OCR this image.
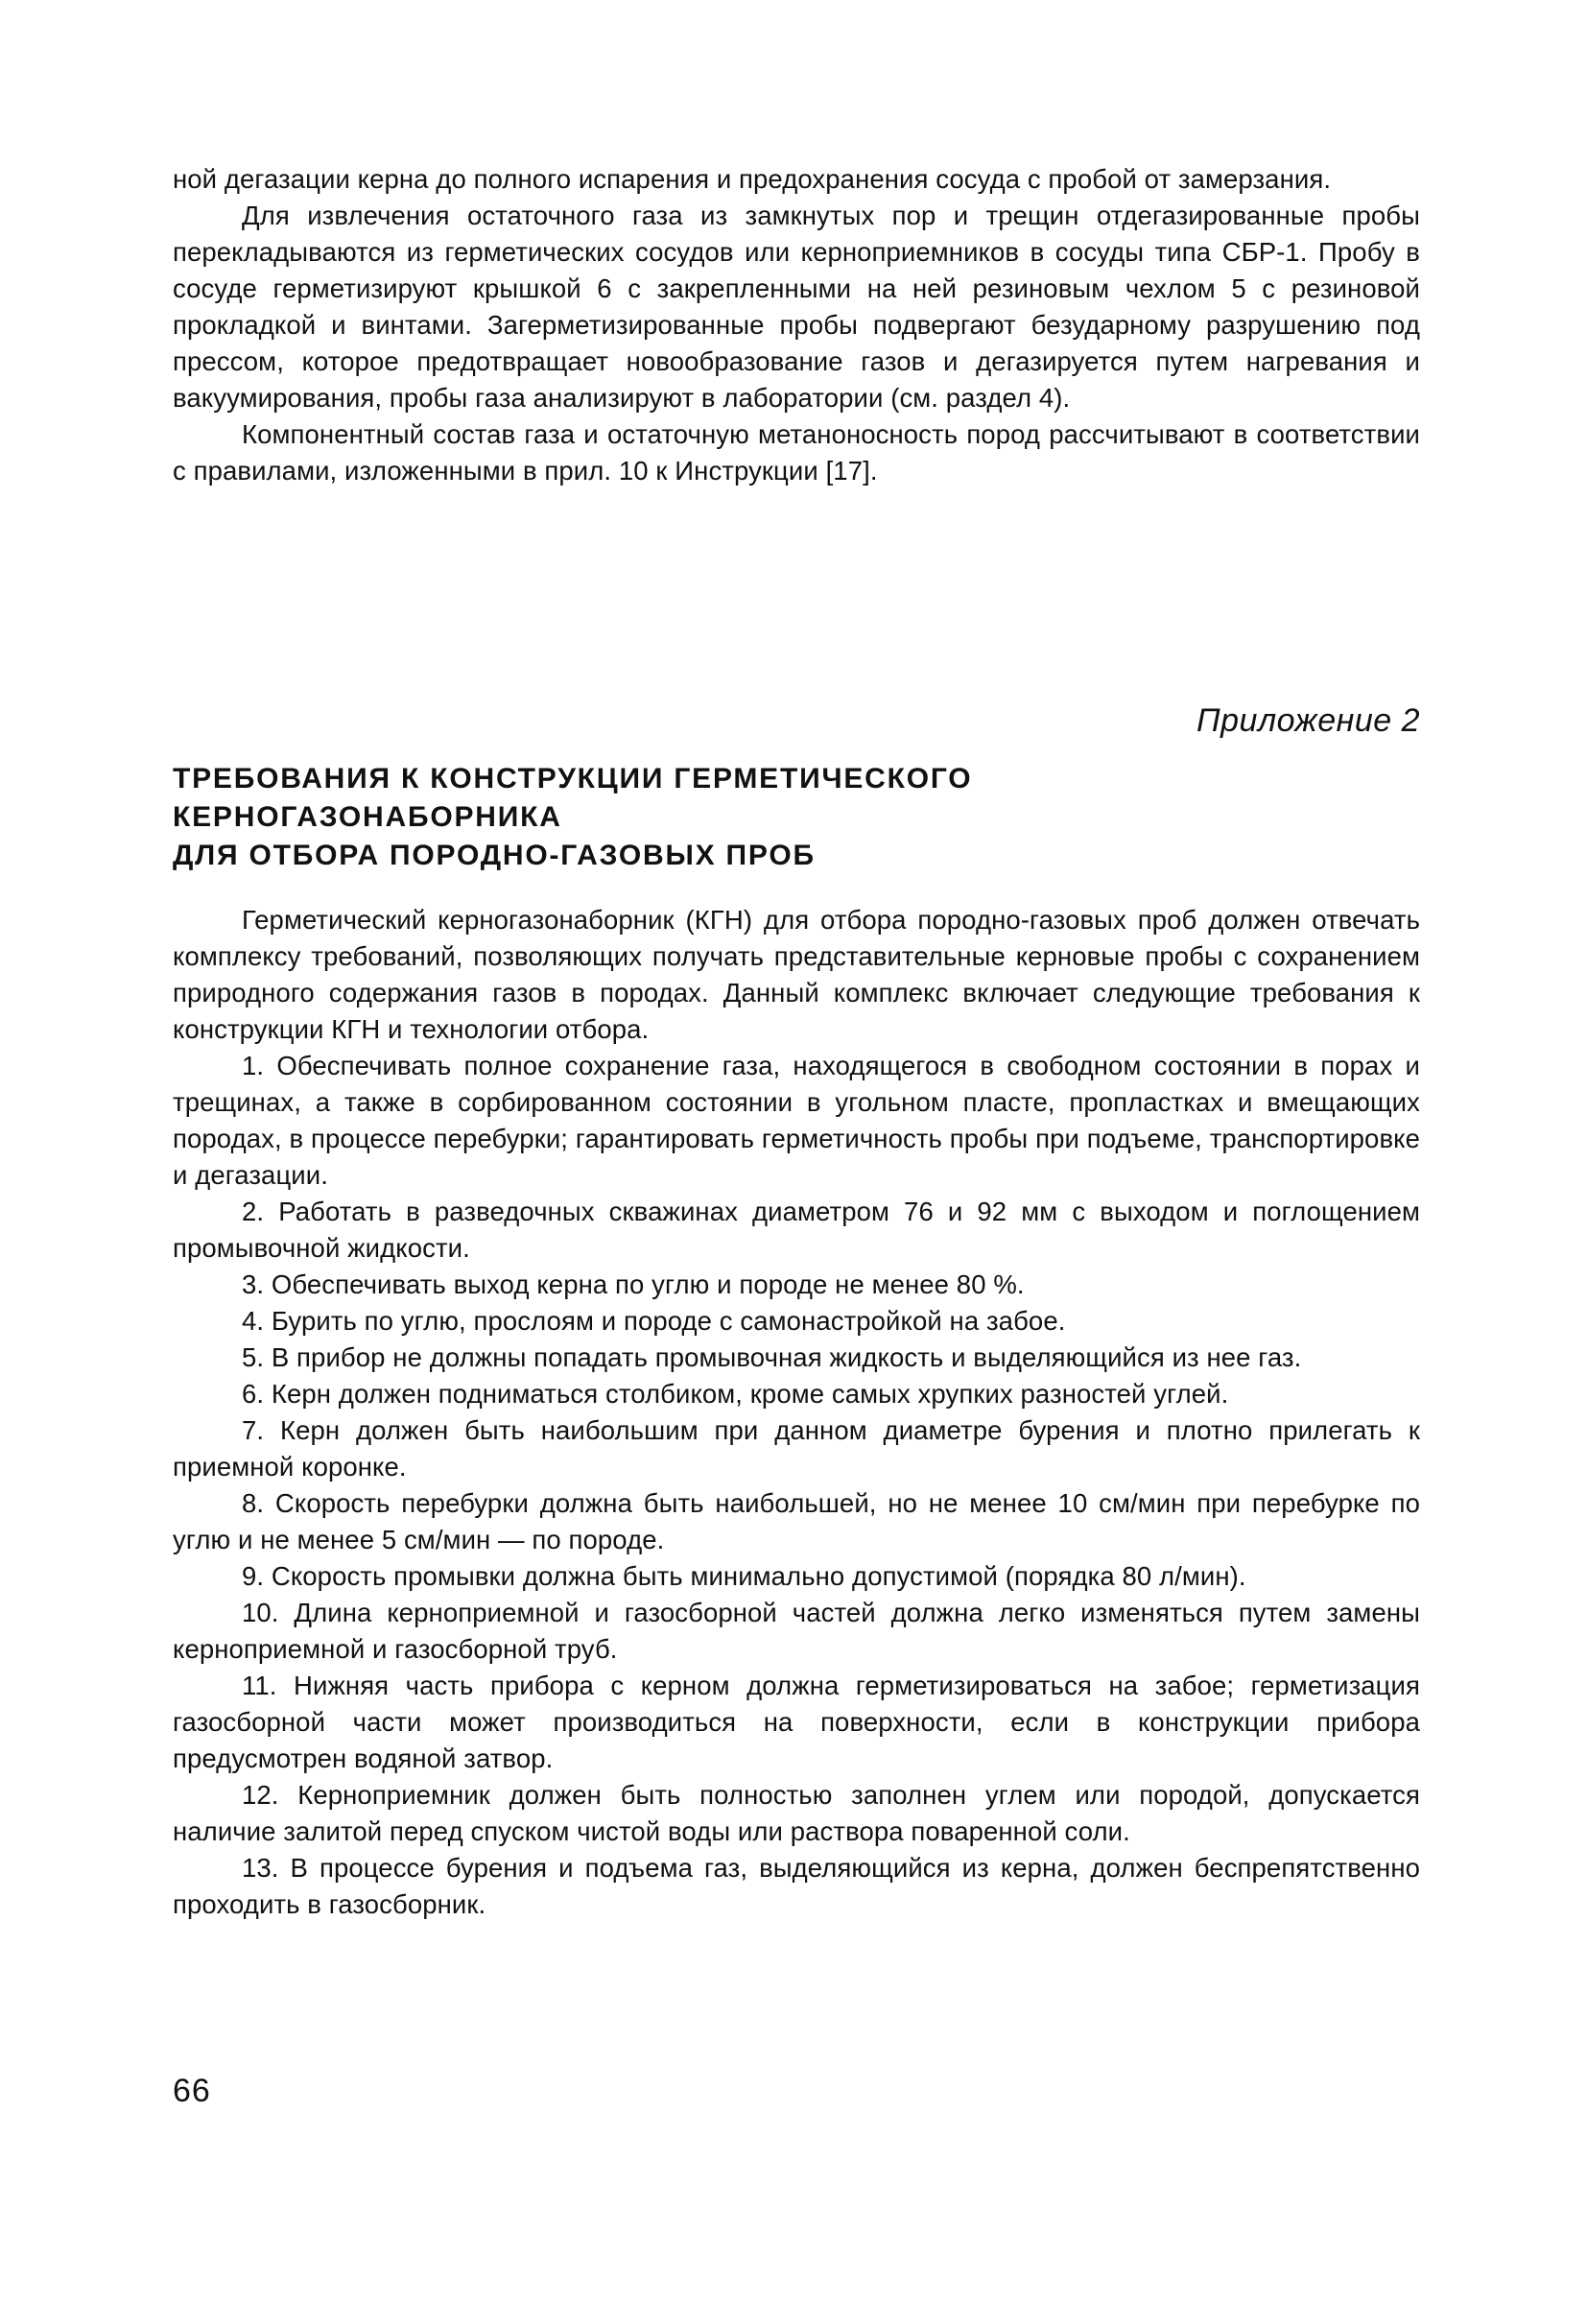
ной дегазации керна до полного испарения и предохранения сосуда с пробой от замерзания.

Для извлечения остаточного газа из замкнутых пор и трещин отдегазированные пробы перекладываются из герметических сосудов или керноприемников в сосуды типа СБР-1. Пробу в сосуде герметизируют крышкой 6 с закрепленными на ней резиновым чехлом 5 с резиновой прокладкой и винтами. Загерметизированные пробы подвергают безударному разрушению под прессом, которое предотвращает новообразование газов и дегазируется путем нагревания и вакуумирования, пробы газа анализируют в лаборатории (см. раздел 4).

Компонентный состав газа и остаточную метаноносность пород рассчитывают в соответствии с правилами, изложенными в прил. 10 к Инструкции [17].

Приложение 2
ТРЕБОВАНИЯ К КОНСТРУКЦИИ ГЕРМЕТИЧЕСКОГО
КЕРНОГАЗОНАБОРНИКА
ДЛЯ ОТБОРА ПОРОДНО-ГАЗОВЫХ ПРОБ

Герметический керногазонаборник (КГН) для отбора породно-газовых проб должен отвечать комплексу требований, позволяющих получать представительные керновые пробы с сохранением природного содержания газов в породах. Данный комплекс включает следующие требования к конструкции КГН и технологии отбора.

1. Обеспечивать полное сохранение газа, находящегося в свободном состоянии в порах и трещинах, а также в сорбированном состоянии в угольном пласте, пропластках и вмещающих породах, в процессе перебурки; гарантировать герметичность пробы при подъеме, транспортировке и дегазации.

2. Работать в разведочных скважинах диаметром 76 и 92 мм с выходом и поглощением промывочной жидкости.

3. Обеспечивать выход керна по углю и породе не менее 80 %.

4. Бурить по углю, прослоям и породе с самонастройкой на забое.

5. В прибор не должны попадать промывочная жидкость и выделяющийся из нее газ.

6. Керн должен подниматься столбиком, кроме самых хрупких разностей углей.

7. Керн должен быть наибольшим при данном диаметре бурения и плотно прилегать к приемной коронке.

8. Скорость перебурки должна быть наибольшей, но не менее 10 см/мин при перебурке по углю и не менее 5 см/мин — по породе.

9. Скорость промывки должна быть минимально допустимой (порядка 80 л/мин).

10. Длина керноприемной и газосборной частей должна легко изменяться путем замены керноприемной и газосборной труб.

11. Нижняя часть прибора с керном должна герметизироваться на забое; герметизация газосборной части может производиться на поверхности, если в конструкции прибора предусмотрен водяной затвор.

12. Керноприемник должен быть полностью заполнен углем или породой, допускается наличие залитой перед спуском чистой воды или раствора поваренной соли.

13. В процессе бурения и подъема газ, выделяющийся из керна, должен беспрепятственно проходить в газосборник.

66
